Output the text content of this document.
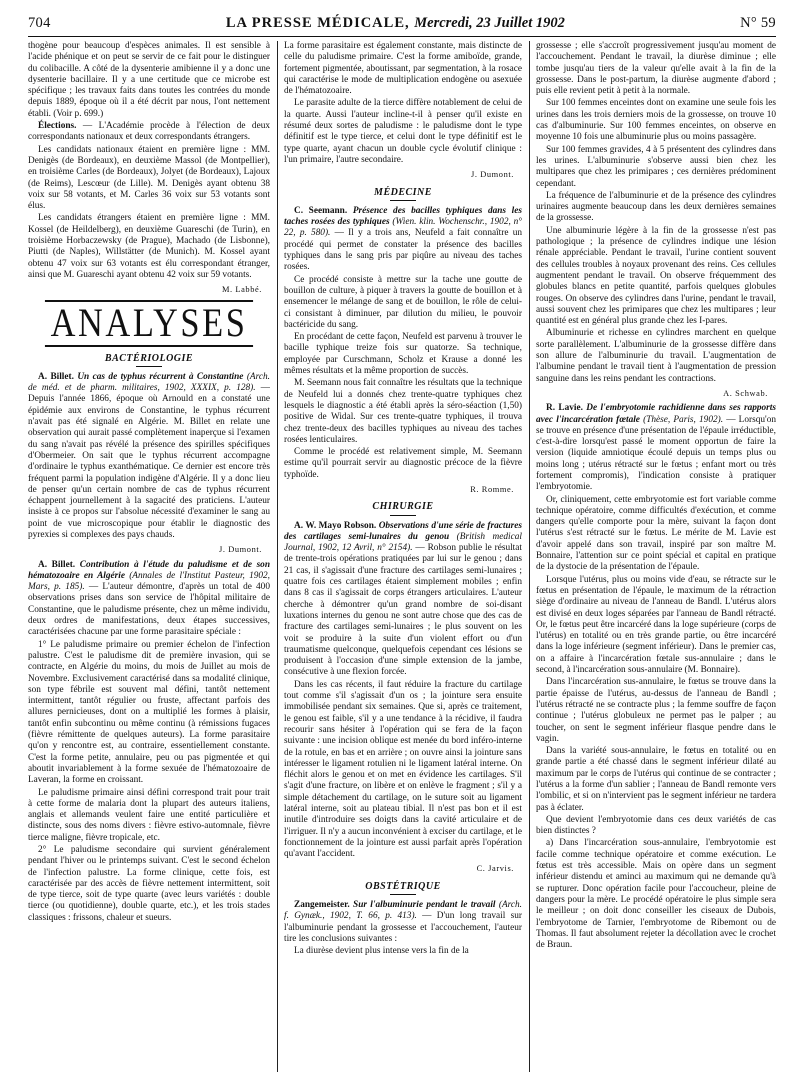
704	LA PRESSE MÉDICALE, Mercredi, 23 Juillet 1902	N° 59

thogène pour beaucoup d'espèces animales. Il est sensible à l'acide phénique et on peut se servir de ce fait pour le distinguer du colibacille. A côté de la dysenterie amibienne il y a donc une dysenterie bacillaire. Il y a une certitude que ce microbe est spécifique ; les travaux faits dans toutes les contrées du monde depuis 1889, époque où il a été décrit par nous, l'ont nettement établi. (Voir p. 699.)

Élections. — L'Académie procède à l'élection de deux correspondants nationaux et deux correspondants étrangers.

Les candidats nationaux étaient en première ligne : MM. Denigès (de Bordeaux), en deuxième Massol (de Montpellier), en troisième Carles (de Bordeaux), Jolyet (de Bordeaux), Lajoux (de Reims), Lescœur (de Lille). M. Denigès ayant obtenu 38 voix sur 58 votants, et M. Carles 36 voix sur 53 votants sont élus.

Les candidats étrangers étaient en première ligne : MM. Kossel (de Heildelberg), en deuxième Guareschi (de Turin), en troisième Horbaczewsky (de Prague), Machado (de Lisbonne), Piutti (de Naples), Willstätter (de Munich). M. Kossel ayant obtenu 47 voix sur 63 votants est élu correspondant étranger, ainsi que M. Guareschi ayant obtenu 42 voix sur 59 votants.

M. Labbé.
ANALYSES
BACTÉRIOLOGIE

A. Billet. Un cas de typhus récurrent à Constantine (Arch. de méd. et de pharm. militaires, 1902, XXXIX, p. 128). — Depuis l'année 1866, époque où Arnould en a constaté une épidémie aux environs de Constantine, le typhus récurrent n'avait pas été signalé en Algérie. M. Billet en relate une observation qui aurait passé complètement inaperçue si l'examen du sang n'avait pas révélé la présence des spirilles spécifiques d'Obermeier. On sait que le typhus récurrent accompagne d'ordinaire le typhus exanthématique. Ce dernier est encore très fréquent parmi la population indigène d'Algérie. Il y a donc lieu de penser qu'un certain nombre de cas de typhus récurrent échappent journellement à la sagacité des praticiens. L'auteur insiste à ce propos sur l'absolue nécessité d'examiner le sang au point de vue microscopique pour établir le diagnostic des pyrexies si complexes des pays chauds.

J. Dumont.

A. Billet. Contribution à l'étude du paludisme et de son hématozoaire en Algérie (Annales de l'Institut Pasteur, 1902, Mars, p. 185). — L'auteur démontre, d'après un total de 400 observations prises dans son service de l'hôpital militaire de Constantine, que le paludisme présente, chez un même individu, deux ordres de manifestations, deux étapes successives, caractérisées chacune par une forme parasitaire spéciale :

1° Le paludisme primaire ou premier échelon de l'infection palustre. C'est le paludisme dit de première invasion, qui se contracte, en Algérie du moins, du mois de Juillet au mois de Novembre. Exclusivement caractérisé dans sa modalité clinique, son type fébrile est souvent mal défini, tantôt nettement intermittent, tantôt régulier ou fruste, affectant parfois des allures pernicieuses, dont on a multiplié les formes à plaisir, tantôt enfin subcontinu ou même continu (à rémissions fugaces (fièvre rémittente de quelques auteurs). La forme parasitaire qu'on y rencontre est, au contraire, essentiellement constante. C'est la forme petite, annulaire, peu ou pas pigmentée et qui aboutit invariablement à la forme sexuée de l'hématozoaire de Laveran, la forme en croissant.

Le paludisme primaire ainsi défini correspond trait pour trait à cette forme de malaria dont la plupart des auteurs italiens, anglais et allemands veulent faire une entité particulière et distincte, sous des noms divers : fièvre estivo-automnale, fièvre tierce maligne, fièvre tropicale, etc.

2° Le paludisme secondaire qui survient généralement pendant l'hiver ou le printemps suivant. C'est le second échelon de l'infection palustre. La forme clinique, cette fois, est caractérisée par des accès de fièvre nettement intermittent, soit de type tierce, soit de type quarte (avec leurs variétés : double tierce (ou quotidienne), double quarte, etc.), et les trois stades classiques : frissons, chaleur et sueurs.

La forme parasitaire est également constante, mais distincte de celle du paludisme primaire. C'est la forme amiboïde, grande, fortement pigmentée, aboutissant, par segmentation, à la rosace qui caractérise le mode de multiplication endogène ou asexuée de l'hématozoaire.

Le parasite adulte de la tierce diffère notablement de celui de la quarte. Aussi l'auteur incline-t-il à penser qu'il existe en résumé deux sortes de paludisme : le paludisme dont le type définitif est le type tierce, et celui dont le type définitif est le type quarte, ayant chacun un double cycle évolutif clinique : l'un primaire, l'autre secondaire.

J. Dumont.
MÉDECINE

C. Seemann. Présence des bacilles typhiques dans les taches rosées des typhiques (Wien. klin. Wochenschr., 1902, n° 22, p. 580). — Il y a trois ans, Neufeld a fait connaître un procédé qui permet de constater la présence des bacilles typhiques dans le sang pris par piqûre au niveau des taches rosées.

Ce procédé consiste à mettre sur la tache une goutte de bouillon de culture, à piquer à travers la goutte de bouillon et à ensemencer le mélange de sang et de bouillon, le rôle de celui-ci consistant à diminuer, par dilution du milieu, le pouvoir bactéricide du sang.

En procédant de cette façon, Neufeld est parvenu à trouver le bacille typhique treize fois sur quatorze. Sa technique, employée par Curschmann, Scholz et Krause a donné les mêmes résultats et la même proportion de succès.

M. Seemann nous fait connaître les résultats que la technique de Neufeld lui a donnés chez trente-quatre typhiques chez lesquels le diagnostic a été établi après la séro-séaction (1,50) positive de Widal. Sur ces trente-quatre typhiques, il trouva chez trente-deux des bacilles typhiques au niveau des taches rosées lenticulaires.

Comme le procédé est relativement simple, M. Seemann estime qu'il pourrait servir au diagnostic précoce de la fièvre typhoïde.

R. Romme.
CHIRURGIE

A. W. Mayo Robson. Observations d'une série de fractures des cartilages semi-lunaires du genou (British medical Journal, 1902, 12 Avril, n° 2154). — Robson publie le résultat de trente-trois opérations pratiquées par lui sur le genou ; dans 21 cas, il s'agissait d'une fracture des cartilages semi-lunaires ; quatre fois ces cartilages étaient simplement mobiles ; enfin dans 8 cas il s'agissait de corps étrangers articulaires. L'auteur cherche à démontrer qu'un grand nombre de soi-disant luxations internes du genou ne sont autre chose que des cas de fracture des cartilages semi-lunaires ; le plus souvent on les voit se produire à la suite d'un violent effort ou d'un traumatisme quelconque, quelquefois cependant ces lésions se produisent à l'occasion d'une simple extension de la jambe, consécutive à une flexion forcée.

Dans les cas récents, il faut réduire la fracture du cartilage tout comme s'il s'agissait d'un os ; la jointure sera ensuite immobilisée pendant six semaines. Que si, après ce traitement, le genou est faible, s'il y a une tendance à la récidive, il faudra recourir sans hésiter à l'opération qui se fera de la façon suivante : une incision oblique est menée du bord inféro-interne de la rotule, en bas et en arrière ; on ouvre ainsi la jointure sans intéresser le ligament rotulien ni le ligament latéral interne. On fléchit alors le genou et on met en évidence les cartilages. S'il s'agit d'une fracture, on libère et on enlève le fragment ; s'il y a simple détachement du cartilage, on le suture soit au ligament latéral interne, soit au plateau tibial. Il n'est pas bon et il est inutile d'introduire ses doigts dans la cavité articulaire et de l'irriguer. Il n'y a aucun inconvénient à exciser du cartilage, et le fonctionnement de la jointure est aussi parfait après l'opération qu'avant l'accident.

C. Jarvis.
OBSTÉTRIQUE

Zangemeister. Sur l'albuminurie pendant le travail (Arch. f. Gynæk., 1902, T. 66, p. 413). — D'un long travail sur l'albuminurie pendant la grossesse et l'accouchement, l'auteur tire les conclusions suivantes :

La diurèse devient plus intense vers la fin de la

grossesse ; elle s'accroît progressivement jusqu'au moment de l'accouchement. Pendant le travail, la diurèse diminue ; elle tombe jusqu'au tiers de la valeur qu'elle avait à la fin de la grossesse. Dans le post-partum, la diurèse augmente d'abord ; puis elle revient petit à petit à la normale.

Sur 100 femmes enceintes dont on examine une seule fois les urines dans les trois derniers mois de la grossesse, on trouve 10 cas d'albuminurie. Sur 100 femmes enceintes, on observe en moyenne 10 fois une albuminurie plus ou moins passagère.

Sur 100 femmes gravides, 4 à 5 présentent des cylindres dans les urines. L'albuminurie s'observe aussi bien chez les multipares que chez les primipares ; ces dernières prédominent cependant.

La fréquence de l'albuminurie et de la présence des cylindres urinaires augmente beaucoup dans les deux dernières semaines de la grossesse.

Une albuminurie légère à la fin de la grossesse n'est pas pathologique ; la présence de cylindres indique une lésion rénale appréciable. Pendant le travail, l'urine contient souvent des cellules troubles à noyaux provenant des reins. Ces cellules augmentent pendant le travail. On observe fréquemment des globules blancs en petite quantité, parfois quelques globules rouges. On observe des cylindres dans l'urine, pendant le travail, aussi souvent chez les primipares que chez les multipares ; leur quantité est en général plus grande chez les I-pares.

Albuminurie et richesse en cylindres marchent en quelque sorte parallèlement. L'albuminurie de la grossesse diffère dans son allure de l'albuminurie du travail. L'augmentation de l'albumine pendant le travail tient à l'augmentation de pression sanguine dans les reins pendant les contractions.

A. Schwab.

R. Lavie. De l'embryotomie rachidienne dans ses rapports avec l'incarcération fœtale (Thèse, Paris, 1902). — Lorsqu'on se trouve en présence d'une présentation de l'épaule irréductible, c'est-à-dire lorsqu'est passé le moment opportun de faire la version (liquide amniotique écoulé depuis un temps plus ou moins long ; utérus rétracté sur le fœtus ; enfant mort ou très fortement compromis), l'indication consiste à pratiquer l'embryotomie.

Or, cliniquement, cette embryotomie est fort variable comme technique opératoire, comme difficultés d'exécution, et comme dangers qu'elle comporte pour la mère, suivant la façon dont l'utérus s'est rétracté sur le fœtus. Le mérite de M. Lavie est d'avoir appelé dans son travail, inspiré par son maître M. Bonnaire, l'attention sur ce point spécial et capital en pratique de la dystocie de la présentation de l'épaule.

Lorsque l'utérus, plus ou moins vide d'eau, se rétracte sur le fœtus en présentation de l'épaule, le maximum de la rétraction siège d'ordinaire au niveau de l'anneau de Bandl. L'utérus alors est divisé en deux loges séparées par l'anneau de Bandl rétracté. Or, le fœtus peut être incarcéré dans la loge supérieure (corps de l'utérus) en totalité ou en très grande partie, ou être incarcéré dans la loge inférieure (segment inférieur). Dans le premier cas, on a affaire à l'incarcération fœtale sus-annulaire ; dans le second, à l'incarcération sous-annulaire (M. Bonnaire).

Dans l'incarcération sus-annulaire, le fœtus se trouve dans la partie épaisse de l'utérus, au-dessus de l'anneau de Bandl ; l'utérus rétracté ne se contracte plus ; la femme souffre de façon continue ; l'utérus globuleux ne permet pas le palper ; au toucher, on sent le segment inférieur flasque pendre dans le vagin.

Dans la variété sous-annulaire, le fœtus en totalité ou en grande partie a été chassé dans le segment inférieur dilaté au maximum par le corps de l'utérus qui continue de se contracter ; l'utérus a la forme d'un sablier ; l'anneau de Bandl remonte vers l'ombilic, et si on n'intervient pas le segment inférieur ne tardera pas à éclater.

Que devient l'embryotomie dans ces deux variétés de cas bien distinctes ?

a) Dans l'incarcération sous-annulaire, l'embryotomie est facile comme technique opératoire et comme exécution. Le fœtus est très accessible. Mais on opère dans un segment inférieur distendu et aminci au maximum qui ne demande qu'à se rupturer. Donc opération facile pour l'accoucheur, pleine de dangers pour la mère. Le procédé opératoire le plus simple sera le meilleur ; on doit donc conseiller les ciseaux de Dubois, l'embryotome de Tarnier, l'embryotome de Ribemont ou de Thomas. Il faut absolument rejeter la décollation avec le crochet de Braun.
